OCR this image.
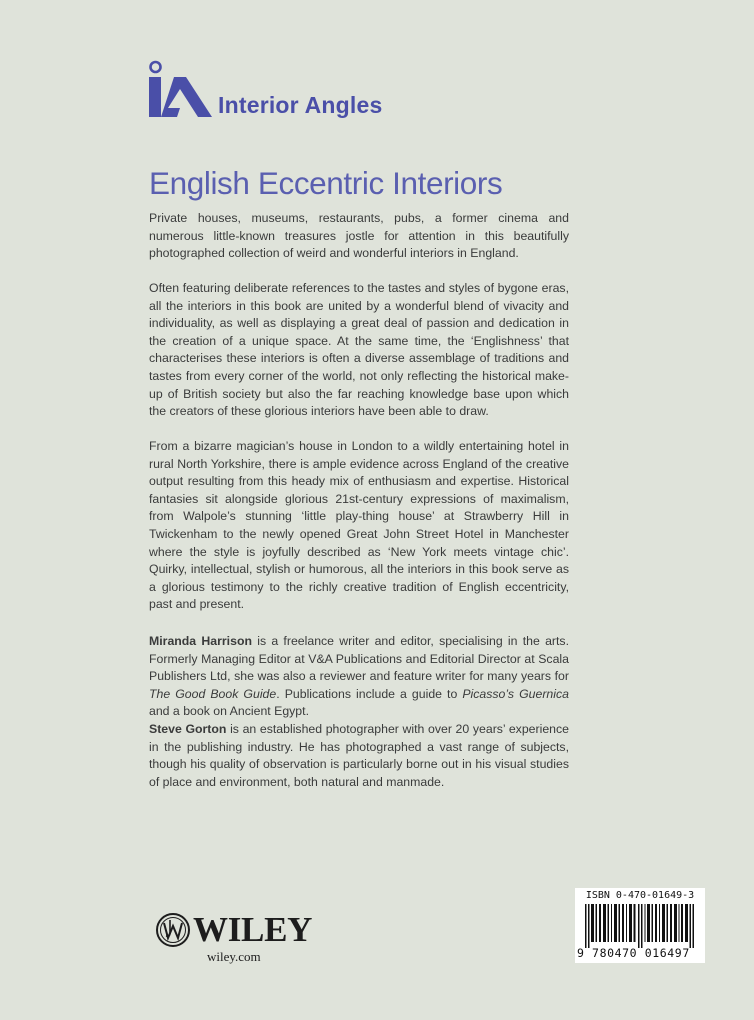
Interior Angles
English Eccentric Interiors
Private houses, museums, restaurants, pubs, a former cinema and numerous little-known treasures jostle for attention in this beautifully photographed collection of weird and wonderful interiors in England.
Often featuring deliberate references to the tastes and styles of bygone eras, all the interiors in this book are united by a wonderful blend of vivacity and individuality, as well as displaying a great deal of passion and dedication in the creation of a unique space. At the same time, the ‘Englishness’ that characterises these interiors is often a diverse assemblage of traditions and tastes from every corner of the world, not only reflecting the historical make-up of British society but also the far reaching knowledge base upon which the creators of these glorious interiors have been able to draw.
From a bizarre magician’s house in London to a wildly entertaining hotel in rural North Yorkshire, there is ample evidence across England of the creative output resulting from this heady mix of enthusiasm and expertise. Historical fantasies sit alongside glorious 21st-century expressions of maximalism, from Walpole’s stunning ‘little play-thing house’ at Strawberry Hill in Twickenham to the newly opened Great John Street Hotel in Manchester where the style is joyfully described as ‘New York meets vintage chic’. Quirky, intellectual, stylish or humorous, all the interiors in this book serve as a glorious testimony to the richly creative tradition of English eccentricity, past and present.
Miranda Harrison is a freelance writer and editor, specialising in the arts. Formerly Managing Editor at V&A Publications and Editorial Director at Scala Publishers Ltd, she was also a reviewer and feature writer for many years for The Good Book Guide. Publications include a guide to Picasso’s Guernica and a book on Ancient Egypt.
Steve Gorton is an established photographer with over 20 years’ experience in the publishing industry. He has photographed a vast range of subjects, though his quality of observation is particularly borne out in his visual studies of place and environment, both natural and manmade.
WILEY
wiley.com
ISBN 0-470-01649-3
9 780470 016497
